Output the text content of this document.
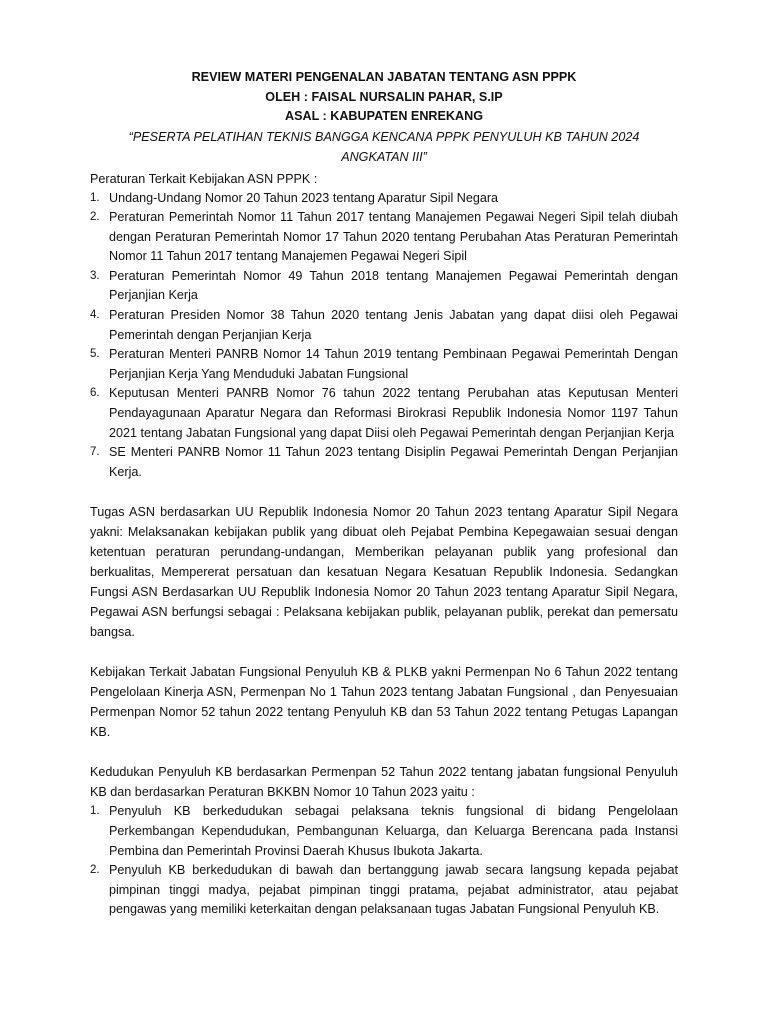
REVIEW MATERI PENGENALAN JABATAN TENTANG ASN PPPK
OLEH : FAISAL NURSALIN PAHAR, S.IP
ASAL : KABUPATEN ENREKANG
“PESERTA PELATIHAN TEKNIS BANGGA KENCANA PPPK PENYULUH KB TAHUN 2024 ANGKATAN III”

Peraturan Terkait Kebijakan ASN PPPK :

1. Undang-Undang Nomor 20 Tahun 2023 tentang Aparatur Sipil Negara
2. Peraturan Pemerintah Nomor 11 Tahun 2017 tentang Manajemen Pegawai Negeri Sipil telah diubah dengan Peraturan Pemerintah Nomor 17 Tahun 2020 tentang Perubahan Atas Peraturan Pemerintah Nomor 11 Tahun 2017 tentang Manajemen Pegawai Negeri Sipil
3. Peraturan Pemerintah Nomor 49 Tahun 2018 tentang Manajemen Pegawai Pemerintah dengan Perjanjian Kerja
4. Peraturan Presiden Nomor 38 Tahun 2020 tentang Jenis Jabatan yang dapat diisi oleh Pegawai Pemerintah dengan Perjanjian Kerja
5. Peraturan Menteri PANRB Nomor 14 Tahun 2019 tentang Pembinaan Pegawai Pemerintah Dengan Perjanjian Kerja Yang Menduduki Jabatan Fungsional
6. Keputusan Menteri PANRB Nomor 76 tahun 2022 tentang Perubahan atas Keputusan Menteri Pendayagunaan Aparatur Negara dan Reformasi Birokrasi Republik Indonesia Nomor 1197 Tahun 2021 tentang Jabatan Fungsional yang dapat Diisi oleh Pegawai Pemerintah dengan Perjanjian Kerja
7. SE Menteri PANRB Nomor 11 Tahun 2023 tentang Disiplin Pegawai Pemerintah Dengan Perjanjian Kerja.

Tugas ASN berdasarkan UU Republik Indonesia Nomor 20 Tahun 2023 tentang Aparatur Sipil Negara yakni: Melaksanakan kebijakan publik yang dibuat oleh Pejabat Pembina Kepegawaian sesuai dengan ketentuan peraturan perundang-undangan, Memberikan pelayanan publik yang profesional dan berkualitas, Mempererat persatuan dan kesatuan Negara Kesatuan Republik Indonesia. Sedangkan Fungsi ASN Berdasarkan UU Republik Indonesia Nomor 20 Tahun 2023 tentang Aparatur Sipil Negara, Pegawai ASN berfungsi sebagai : Pelaksana kebijakan publik, pelayanan publik, perekat dan pemersatu bangsa.

Kebijakan Terkait Jabatan Fungsional Penyuluh KB & PLKB yakni Permenpan No 6 Tahun 2022 tentang Pengelolaan Kinerja ASN, Permenpan No 1 Tahun 2023 tentang Jabatan Fungsional , dan Penyesuaian Permenpan Nomor 52 tahun 2022 tentang Penyuluh KB dan 53 Tahun 2022 tentang Petugas Lapangan KB.

Kedudukan Penyuluh KB berdasarkan Permenpan 52 Tahun 2022 tentang jabatan fungsional Penyuluh KB dan berdasarkan Peraturan BKKBN Nomor 10 Tahun 2023 yaitu :

1. Penyuluh KB berkedudukan sebagai pelaksana teknis fungsional di bidang Pengelolaan Perkembangan Kependudukan, Pembangunan Keluarga, dan Keluarga Berencana pada Instansi Pembina dan Pemerintah Provinsi Daerah Khusus Ibukota Jakarta.
2. Penyuluh KB berkedudukan di bawah dan bertanggung jawab secara langsung kepada pejabat pimpinan tinggi madya, pejabat pimpinan tinggi pratama, pejabat administrator, atau pejabat pengawas yang memiliki keterkaitan dengan pelaksanaan tugas Jabatan Fungsional Penyuluh KB.
